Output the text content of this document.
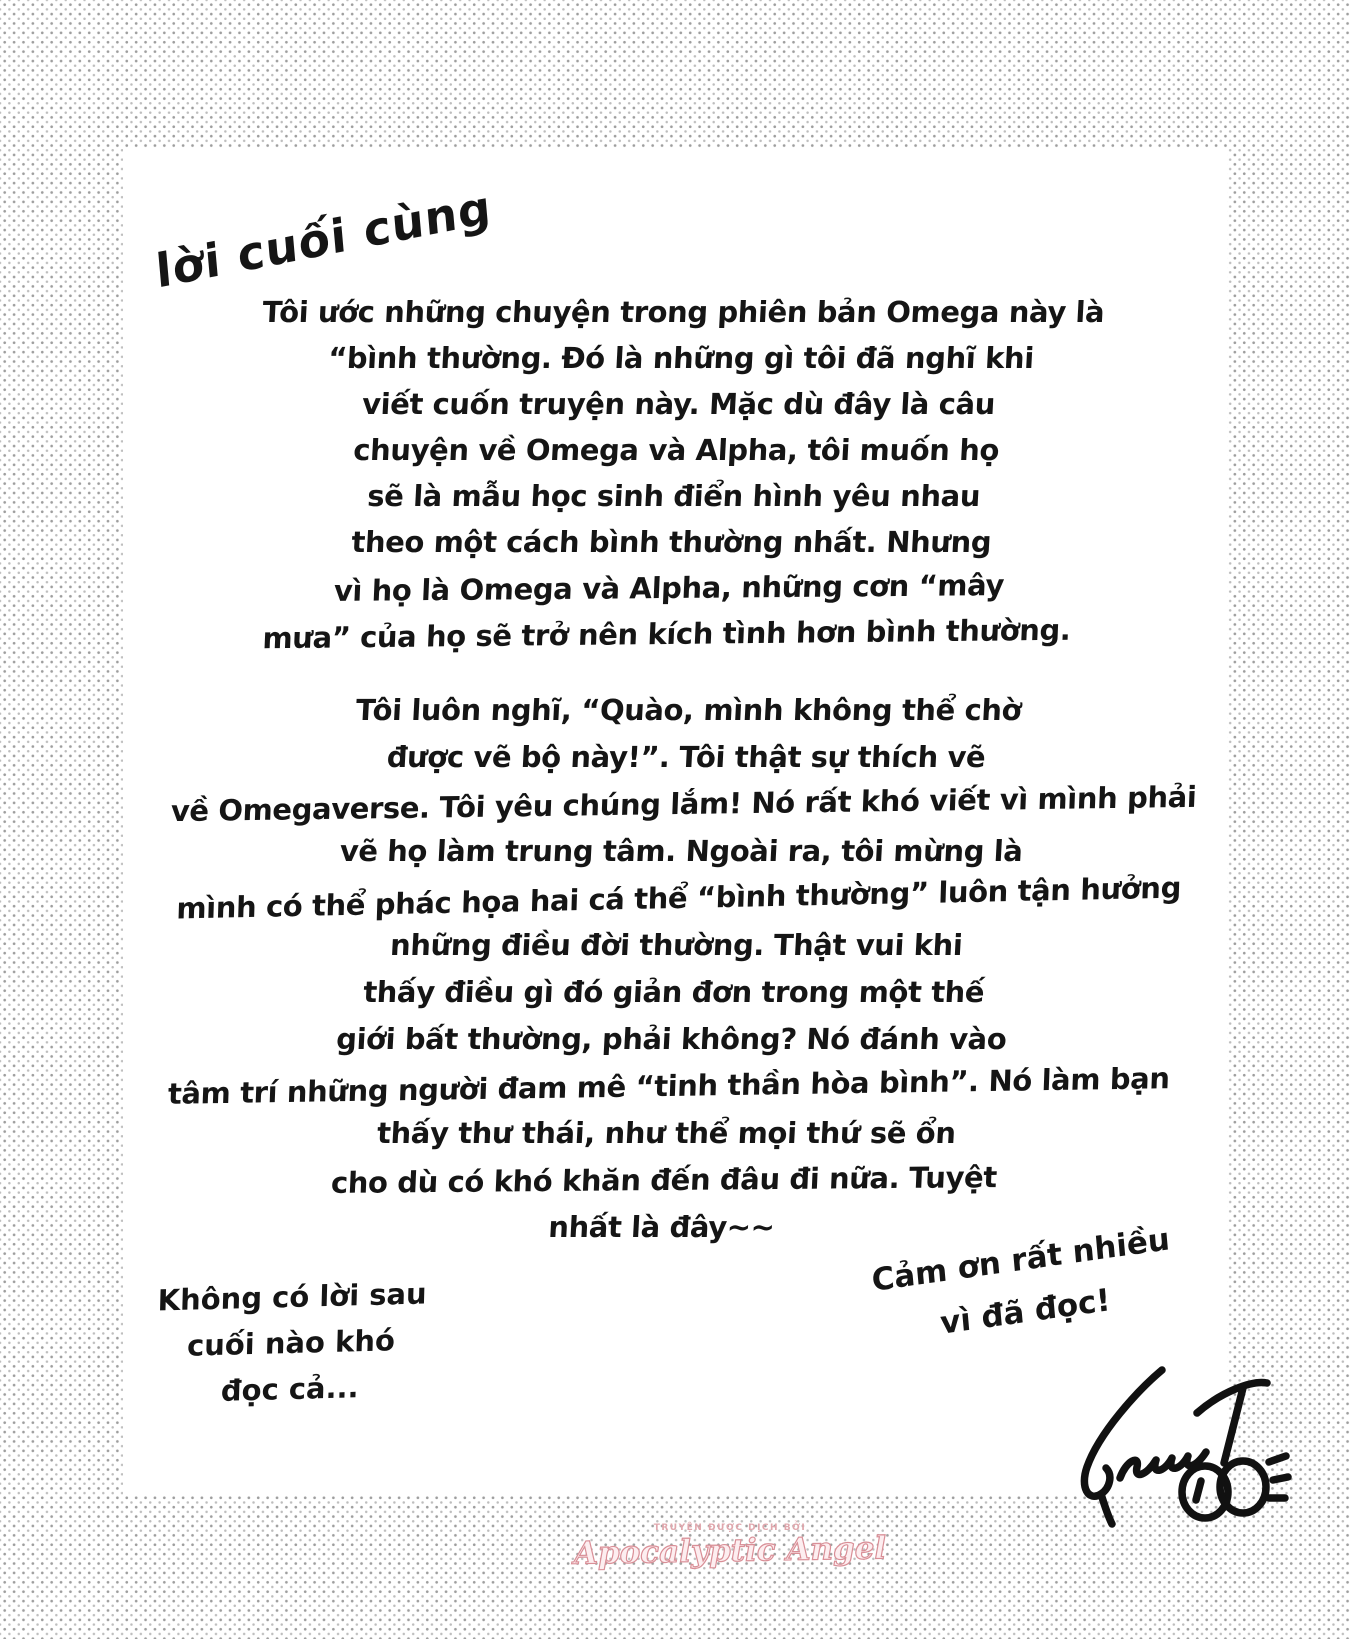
lời cuối cùng
Tôi ước những chuyện trong phiên bản Omega này là
“bình thường. Đó là những gì tôi đã nghĩ khi
viết cuốn truyện này. Mặc dù đây là câu
chuyện về Omega và Alpha, tôi muốn họ
sẽ là mẫu học sinh điển hình yêu nhau
theo một cách bình thường nhất. Nhưng
vì họ là Omega và Alpha, những cơn “mây
mưa” của họ sẽ trở nên kích tình hơn bình thường.
Tôi luôn nghĩ, “Quào, mình không thể chờ
được vẽ bộ này!”. Tôi thật sự thích vẽ
về Omegaverse. Tôi yêu chúng lắm! Nó rất khó viết vì mình phải
vẽ họ làm trung tâm. Ngoài ra, tôi mừng là
mình có thể phác họa hai cá thể “bình thường” luôn tận hưởng
những điều đời thường. Thật vui khi
thấy điều gì đó giản đơn trong một thế
giới bất thường, phải không? Nó đánh vào
tâm trí những người đam mê “tinh thần hòa bình”. Nó làm bạn
thấy thư thái, như thể mọi thứ sẽ ổn
cho dù có khó khăn đến đâu đi nữa. Tuyệt
nhất là đây~~
Không có lời sau
cuối nào khó
đọc cả...
Cảm ơn rất nhiều
vì đã đọc!
TRUYỆN ĐƯỢC DỊCH BỞI
Apocalyptic Angel
